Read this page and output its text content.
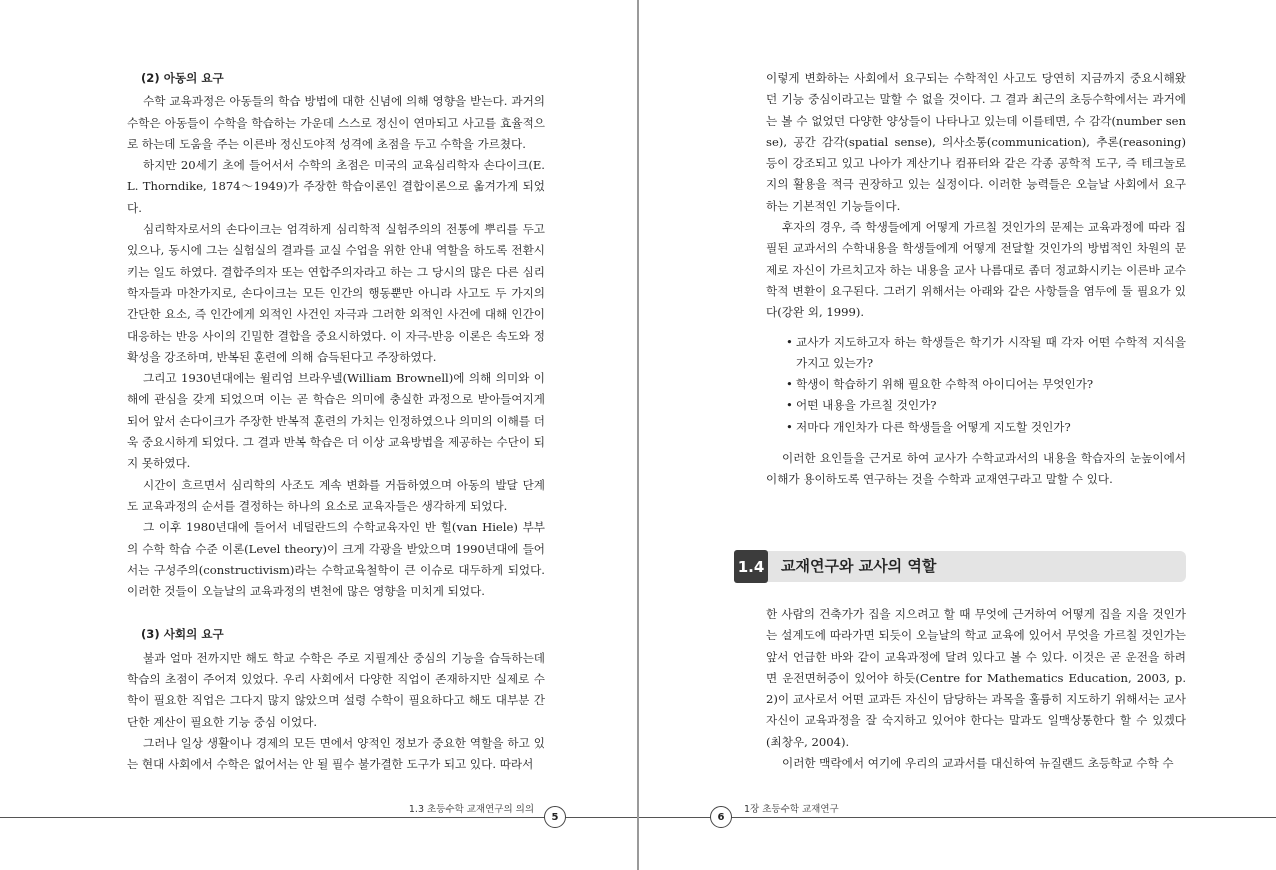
(2) 아동의 요구

수학 교육과정은 아동들의 학습 방법에 대한 신념에 의해 영향을 받는다. 과거의 수학은 아동들이 수학을 학습하는 가운데 스스로 정신이 연마되고 사고를 효율적으로 하는데 도움을 주는 이른바 정신도야적 성격에 초점을 두고 수학을 가르쳤다.

하지만 20세기 초에 들어서서 수학의 초점은 미국의 교육심리학자 손다이크(E. L. Thorndike, 1874～1949)가 주장한 학습이론인 결합이론으로 옮겨가게 되었다.

심리학자로서의 손다이크는 엄격하게 심리학적 실험주의의 전통에 뿌리를 두고 있으나, 동시에 그는 실험실의 결과를 교실 수업을 위한 안내 역할을 하도록 전환시키는 일도 하였다. 결합주의자 또는 연합주의자라고 하는 그 당시의 많은 다른 심리학자들과 마찬가지로, 손다이크는 모든 인간의 행동뿐만 아니라 사고도 두 가지의 간단한 요소, 즉 인간에게 외적인 사건인 자극과 그러한 외적인 사건에 대해 인간이 대응하는 반응 사이의 긴밀한 결합을 중요시하였다. 이 자극-반응 이론은 속도와 정확성을 강조하며, 반복된 훈련에 의해 습득된다고 주장하였다.

그리고 1930년대에는 윌리엄 브라우넬(William Brownell)에 의해 의미와 이해에 관심을 갖게 되었으며 이는 곧 학습은 의미에 충실한 과정으로 받아들여지게 되어 앞서 손다이크가 주장한 반복적 훈련의 가치는 인정하였으나 의미의 이해를 더욱 중요시하게 되었다. 그 결과 반복 학습은 더 이상 교육방법을 제공하는 수단이 되지 못하였다.

시간이 흐르면서 심리학의 사조도 계속 변화를 거듭하였으며 아동의 발달 단계도 교육과정의 순서를 결정하는 하나의 요소로 교육자들은 생각하게 되었다.

그 이후 1980년대에 들어서 네덜란드의 수학교육자인 반 힐(van Hiele) 부부의 수학 학습 수준 이론(Level theory)이 크게 각광을 받았으며 1990년대에 들어서는 구성주의(constructivism)라는 수학교육철학이 큰 이슈로 대두하게 되었다. 이러한 것들이 오늘날의 교육과정의 변천에 많은 영향을 미치게 되었다.

(3) 사회의 요구

불과 얼마 전까지만 해도 학교 수학은 주로 지필계산 중심의 기능을 습득하는데 학습의 초점이 주어져 있었다. 우리 사회에서 다양한 직업이 존재하지만 실제로 수학이 필요한 직업은 그다지 많지 않았으며 설령 수학이 필요하다고 해도 대부분 간단한 계산이 필요한 기능 중심 이었다.

그러나 일상 생활이나 경제의 모든 면에서 양적인 정보가 중요한 역할을 하고 있는 현대 사회에서 수학은 없어서는 안 될 필수 불가결한 도구가 되고 있다. 따라서

1.3 초등수학 교재연구의 의의
5

이렇게 변화하는 사회에서 요구되는 수학적인 사고도 당연히 지금까지 중요시해왔던 기능 중심이라고는 말할 수 없을 것이다. 그 결과 최근의 초등수학에서는 과거에는 볼 수 없었던 다양한 양상들이 나타나고 있는데 이를테면, 수 감각(number sense), 공간 감각(spatial sense), 의사소통(communication), 추론(reasoning) 등이 강조되고 있고 나아가 계산기나 컴퓨터와 같은 각종 공학적 도구, 즉 테크놀로지의 활용을 적극 권장하고 있는 실정이다. 이러한 능력들은 오늘날 사회에서 요구하는 기본적인 기능들이다.

후자의 경우, 즉 학생들에게 어떻게 가르칠 것인가의 문제는 교육과정에 따라 집필된 교과서의 수학내용을 학생들에게 어떻게 전달할 것인가의 방법적인 차원의 문제로 자신이 가르치고자 하는 내용을 교사 나름대로 좀더 정교화시키는 이른바 교수학적 변환이 요구된다. 그러기 위해서는 아래와 같은 사항들을 염두에 둘 필요가 있다(강완 외, 1999).

• 교사가 지도하고자 하는 학생들은 학기가 시작될 때 각자 어떤 수학적 지식을 가지고 있는가?
• 학생이 학습하기 위해 필요한 수학적 아이디어는 무엇인가?
• 어떤 내용을 가르칠 것인가?
• 저마다 개인차가 다른 학생들을 어떻게 지도할 것인가?

이러한 요인들을 근거로 하여 교사가 수학교과서의 내용을 학습자의 눈높이에서 이해가 용이하도록 연구하는 것을 수학과 교재연구라고 말할 수 있다.

1.4 교재연구와 교사의 역할

한 사람의 건축가가 집을 지으려고 할 때 무엇에 근거하여 어떻게 집을 지을 것인가는 설계도에 따라가면 되듯이 오늘날의 학교 교육에 있어서 무엇을 가르칠 것인가는 앞서 언급한 바와 같이 교육과정에 달려 있다고 볼 수 있다. 이것은 곧 운전을 하려면 운전면허증이 있어야 하듯(Centre for Mathematics Education, 2003, p. 2)이 교사로서 어떤 교과든 자신이 담당하는 과목을 훌륭히 지도하기 위해서는 교사 자신이 교육과정을 잘 숙지하고 있어야 한다는 말과도 일맥상통한다 할 수 있겠다(최창우, 2004).

이러한 맥락에서 여기에 우리의 교과서를 대신하여 뉴질랜드 초등학교 수학 수

1장 초등수학 교재연구
6
